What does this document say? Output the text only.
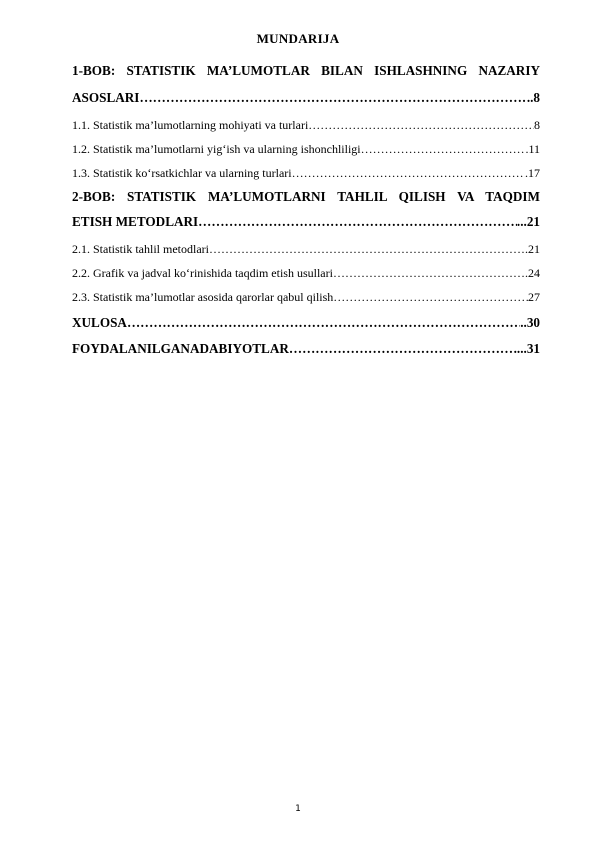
MUNDARIJA
1-BOB: STATISTIK MA’LUMOTLAR BILAN ISHLASHNING NAZARIY
ASOSLARI ……………………………………………………………………………………………………………………………………………………………………	..8
1.1. Statistik ma’lumotlarning mohiyati va turlari ……………………………………………………………………………………………………………………………………………………………………	8
1.2. Statistik ma’lumotlarni yig‘ish va ularning ishonchliligi ……………………………………………………………………………………………………………………………………………………………………	.11
1.3. Statistik ko‘rsatkichlar va ularning turlari ……………………………………………………………………………………………………………………………………………………………………	.17
2-BOB: STATISTIK MA’LUMOTLARNI TAHLIL QILISH VA TAQDIM
ETISH METODLARI ……………………………………………………………………………………………………………………………………………………………………	...21
2.1. Statistik tahlil metodlari ……………………………………………………………………………………………………………………………………………………………………	.21
2.2. Grafik va jadval ko‘rinishida taqdim etish usullari ……………………………………………………………………………………………………………………………………………………………………	.24
2.3. Statistik ma’lumotlar asosida qarorlar qabul qilish ……………………………………………………………………………………………………………………………………………………………………	27
XULOSA ……………………………………………………………………………………………………………………………………………………………………	..30
FOYDALANILGANADABIYOTLAR ……………………………………………………………………………………………………………………………………………………………………	....31
1
